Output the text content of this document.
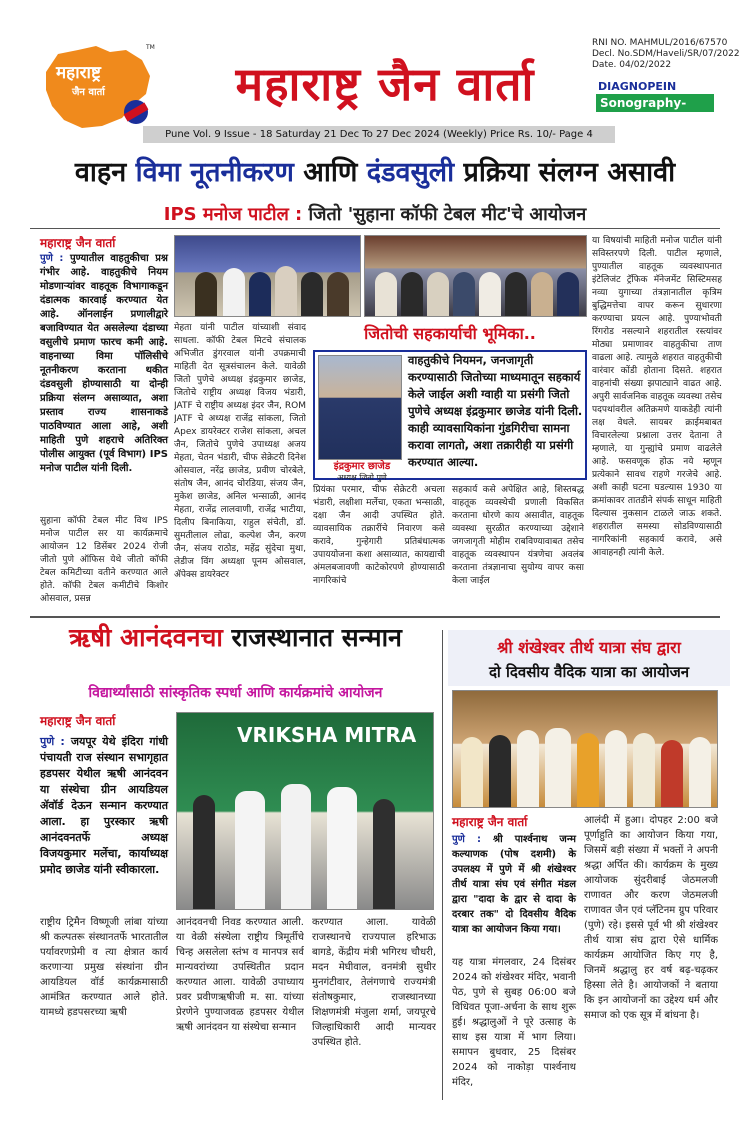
महाराष्ट्र
जैन वार्ता
TM
महाराष्ट्र जैन वार्ता
RNI NO. MAHMUL/2016/67570
Decl. No.SDM/Haveli/SR/07/2022
Date. 04/02/2022
DIAGNOPEIN
Sonography- ₹500/-
Pune Vol. 9 Issue - 18 Saturday 21 Dec To 27 Dec 2024 (Weekly) Price Rs. 10/- Page 4
वाहन विमा नूतनीकरण आणि दंडवसुली प्रक्रिया संलग्न असावी
IPS मनोज पाटील : जितो 'सुहाना कॉफी टेबल मीट'चे आयोजन
महाराष्ट्र जैन वार्ता
पुणे : पुण्यातील वाहतुकीचा प्रश्न गंभीर आहे. वाहतुकीचे नियम मोडणाऱ्यांवर वाहतूक विभागाकडून दंडात्मक कारवाई करण्यात येत आहे. ऑनलाईन प्रणालीद्वारे बजाविण्यात येत असलेल्या दंडाच्या वसुलीचे प्रमाण फारच कमी आहे. वाहनाच्या विमा पॉलिसीचे नूतनीकरण करताना थकीत दंडवसुली होण्यासाठी या दोन्ही प्रक्रिया संलग्न असाव्यात, अशा प्रस्ताव राज्य शासनाकडे पाठविण्यात आला आहे, अशी माहिती पुणे शहराचे अतिरिक्त पोलीस आयुक्त (पूर्व विभाग) IPS मनोज पाटील यांनी दिली.
सुहाना कॉफी टेबल मीट विथ IPS मनोज पाटील सर या कार्यक्रमाचे आयोजन 12 डिसेंबर 2024 रोजी जीतो पुणे ऑफिस येथे जीतो कॉफी टेबल कमिटीच्या वतीने करण्यात आले होते. कॉफी टेबल कमीटीचे किशोर ओसवाल, प्रसन्न
मेहता यांनी पाटील यांच्याशी संवाद साधला. कॉफी टेबल मिटचे संचालक अभिजीत डुंगरवाल यांनी उपक्रमाची माहिती देत सूत्रसंचालन केले. यावेळी जितो पुणेचे अध्यक्ष इंद्रकुमार छाजेड, जितोचे राष्ट्रीय अध्यक्ष विजय भंडारी, JATF चे राष्ट्रीय अध्यक्ष इंदर जैन, ROM JATF चे अध्यक्ष राजेंद्र सांकला, जितो Apex डायरेक्टर राजेश सांकला, अचल जैन, जितोचे पुणेचे उपाध्यक्ष अजय मेहता, चेतन भंडारी, चीफ सेक्रेटरी दिनेश ओसवाल, नरेंद्र छाजेड, प्रवीण चोरबेले, संतोष जैन, आनंद चोरडिया, संजय जैन, मुकेश छाजेड, अनिल भन्साळी, आनंद मेहता, राजेंद्र लालवाणी, राजेंद्र भाटीया, दिलीप बिनाकिया, राहुल संचेती, डॉ. सुमतीलाल लोढा, कल्पेश जैन, करण जैन, संजय राठोड, महेंद्र सुंदेचा मुथा, लेडीज विंग अध्यक्षा पूनम ओसवाल, ॲपेक्स डायरेक्टर
जितोची सहकार्याची भूमिका..
वाहतुकीचे नियमन, जनजागृती करण्यासाठी जितोच्या माध्यमातून सहकार्य केले जाईल अशी ग्वाही या प्रसंगी जितो पुणेचे अध्यक्ष इंद्रकुमार छाजेड यांनी दिली. काही व्यावसायिकांना गुंडगिरीचा सामना करावा लागतो, अशा तक्रारीही या प्रसंगी करण्यात आल्या.
इंद्रकुमार छाजेड
अध्यक्ष जितो पुणे
प्रियंका परमार, चीफ सेक्रेटरी अचला भंडारी, लक्षीशा मर्लेचा, एकता भन्साळी, दक्षा जैन आदी उपस्थित होते. व्यावसायिक तक्रारींचे निवारण कसे करावे, गुन्हेगारी प्रतिबंधात्मक उपाययोजना कशा असाव्यात, कायद्याची अंमलबजावणी काटेकोरपणे होण्यासाठी नागरिकांचे
सहकार्य कसे अपेक्षित आहे, शिस्तबद्ध वाहतूक व्यवस्थेची प्रणाली विकसित करताना धोरणे काय असावीत, वाहतूक व्यवस्था सुरळीत करण्याच्या उद्देशाने जगजागृती मोहीम राबविण्यावाबत तसेच वाहतूक व्यवस्थापन यंत्रणेचा अवलंब करताना तंत्रज्ञानाचा सुयोग्य वापर कसा केला जाईल
या विषयांची माहिती मनोज पाटील यांनी सविस्तरपणे दिली. पाटील म्हणाले, पुण्यातील वाहतूक व्यवस्थापनात इंटेलिजंट ट्रॅफिक मॅनेजमेंट सिस्टिमसह नव्या युगाच्या तंत्रज्ञानातील कृत्रिम बुद्धिमत्तेचा वापर करून सुधारणा करण्याचा प्रयत्न आहे. पुण्याभोवती रिंगरोड नसल्याने शहरातील रस्त्यांवर मोठ्या प्रमाणावर वाहतुकीचा ताण वाढला आहे. त्यामुळे शहरात वाहतुकीची वारंवार कोंडी होताना दिसते. शहरात वाहनांची संख्या झपाट्याने वाढत आहे. अपुरी सार्वजनिक वाहतूक व्यवस्था तसेच पदपथांवरील अतिक्रमणे याकडेही त्यांनी लक्ष वेधले. सायबर क्राईमबाबत विचारलेल्या प्रश्नाला उत्तर देताना ते म्हणाले, या गुन्ह्यांचे प्रमाण वाढलेले आहे. फसवणूक होऊ नये म्हणून प्रत्येकाने सावध राहणे गरजेचे आहे. अशी काही घटना घडल्यास 1930 या क्रमांकावर तातडीने संपर्क साधून माहिती दिल्यास नुकसान टाळले जाऊ शकते. शहरातील समस्या सोडविण्यासाठी नागरिकांनी सहकार्य करावे, असे आवाहनही त्यांनी केले.
ऋषी आनंदवनचा राजस्थानात सन्मान
विद्यार्थ्यांसाठी सांस्कृतिक स्पर्धा आणि कार्यक्रमांचे आयोजन
महाराष्ट्र जैन वार्ता
पुणे : जयपूर येथे इंदिरा गांधी पंचायती राज संस्थान सभागृहात हडपसर येथील ऋषी आनंदवन या संस्थेचा ग्रीन आयडियल ॲवॉर्ड देऊन सन्मान करण्यात आला. हा पुरस्कार ऋषी आनंदवनतर्फे अध्यक्ष विजयकुमार मर्लेचा, कार्याध्यक्ष प्रमोद छाजेड यांनी स्वीकारला.
VRIKSHA MITRA
राष्ट्रीय ट्रिमैन विष्णूजी लांबा यांच्या श्री कल्पतरू संस्थानतर्फे भारतातील पर्यावरणप्रेमी व त्या क्षेत्रात कार्य करणाऱ्या प्रमुख संस्थांना ग्रीन आयडियल वॉर्ड कार्यक्रमासाठी आमंत्रित करण्यात आले होते. यामध्ये हडपसरच्या ऋषी
आनंदवनची निवड करण्यात आली. या वेळी संस्थेला राष्ट्रीय त्रिमूर्तीचे चिन्ह असलेला स्तंभ व मानपत्र सर्व मान्यवरांच्या उपस्थितीत प्रदान करण्यात आला. यावेळी उपाध्याय प्रवर प्रवीणऋषीजी म. सा. यांच्या प्रेरणेने पुण्याजवळ हडपसर येथील ऋषी आनंदवन या संस्थेचा सन्मान
करण्यात आला. यावेळी राजस्थानचे राज्यपाल हरिभाऊ बागडे, केंद्रीय मंत्री भगिरथ चौधरी, मदन मेघीवाल, वनमंत्री सुधीर मुनगंटीवार, तेलंगणाचे राज्यमंत्री संतोषकुमार, राजस्थानच्या शिक्षणमंत्री मंजुला शर्मा, जयपूरचे जिल्हाधिकारी आदी मान्यवर उपस्थित होते.
श्री शंखेश्वर तीर्थ यात्रा संघ द्वारा
दो दिवसीय वैदिक यात्रा का आयोजन
महाराष्ट्र जैन वार्ता
पुणे : श्री पार्श्वनाथ जन्म कल्याणक (पोष दशमी) के उपलक्ष्य में पुणे में श्री शंखेश्वर तीर्थ यात्रा संघ एवं संगीत मंडल द्वारा "दादा के द्वार से दादा के दरबार तक" दो दिवसीय वैदिक यात्रा का आयोजन किया गया।
यह यात्रा मंगलवार, 24 दिसंबर 2024 को शंखेश्वर मंदिर, भवानी पेठ, पुणे से सुबह 06:00 बजे विधिवत पूजा-अर्चना के साथ शुरू हुई। श्रद्धालुओं ने पूरे उत्साह के साथ इस यात्रा में भाग लिया। समापन बुधवार, 25 दिसंबर 2024 को नाकोड़ा पार्श्वनाथ मंदिर,
आलंदी में हुआ। दोपहर 2:00 बजे पूर्णाहुति का आयोजन किया गया, जिसमें बड़ी संख्या में भक्तों ने अपनी श्रद्धा अर्पित की। कार्यक्रम के मुख्य आयोजक सुंदरीबाई जेठमलजी राणावत और करण जेठमलजी राणावत जैन एवं प्लॅटिनम ग्रुप परिवार (पुणे) रहे। इससे पूर्व भी श्री शंखेश्वर तीर्थ यात्रा संघ द्वारा ऐसे धार्मिक कार्यक्रम आयोजित किए गए है, जिनमें श्रद्धालु हर वर्ष बढ़-चढ़कर हिस्सा लेते है। आयोजकों ने बताया कि इन आयोजनों का उद्देश्य धर्म और समाज को एक सूत्र में बांधना है।
